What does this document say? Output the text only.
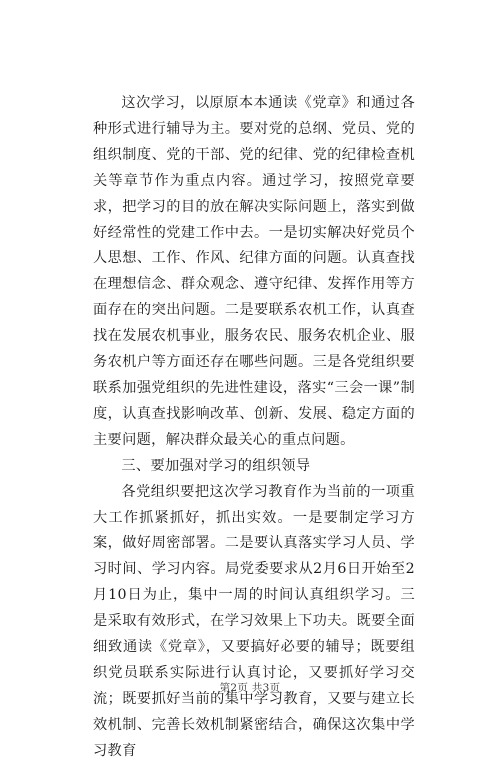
这次学习，以原原本本通读《党章》和通过各种形式进行辅导为主。要对党的总纲、党员、党的组织制度、党的干部、党的纪律、党的纪律检查机关等章节作为重点内容。通过学习，按照党章要求，把学习的目的放在解决实际问题上，落实到做好经常性的党建工作中去。一是切实解决好党员个人思想、工作、作风、纪律方面的问题。认真查找在理想信念、群众观念、遵守纪律、发挥作用等方面存在的突出问题。二是要联系农机工作，认真查找在发展农机事业，服务农民、服务农机企业、服务农机户等方面还存在哪些问题。三是各党组织要联系加强党组织的先进性建设，落实“三会一课”制度，认真查找影响改革、创新、发展、稳定方面的主要问题，解决群众最关心的重点问题。

三、要加强对学习的组织领导

各党组织要把这次学习教育作为当前的一项重大工作抓紧抓好，抓出实效。一是要制定学习方案，做好周密部署。二是要认真落实学习人员、学习时间、学习内容。局党委要求从2月6日开始至2月10日为止，集中一周的时间认真组织学习。三是采取有效形式，在学习效果上下功夫。既要全面细致通读《党章》，又要搞好必要的辅导；既要组织党员联系实际进行认真讨论，又要抓好学习交流；既要抓好当前的集中学习教育，又要与建立长效机制、完善长效机制紧密结合，确保这次集中学习教育

第2页 共3页
